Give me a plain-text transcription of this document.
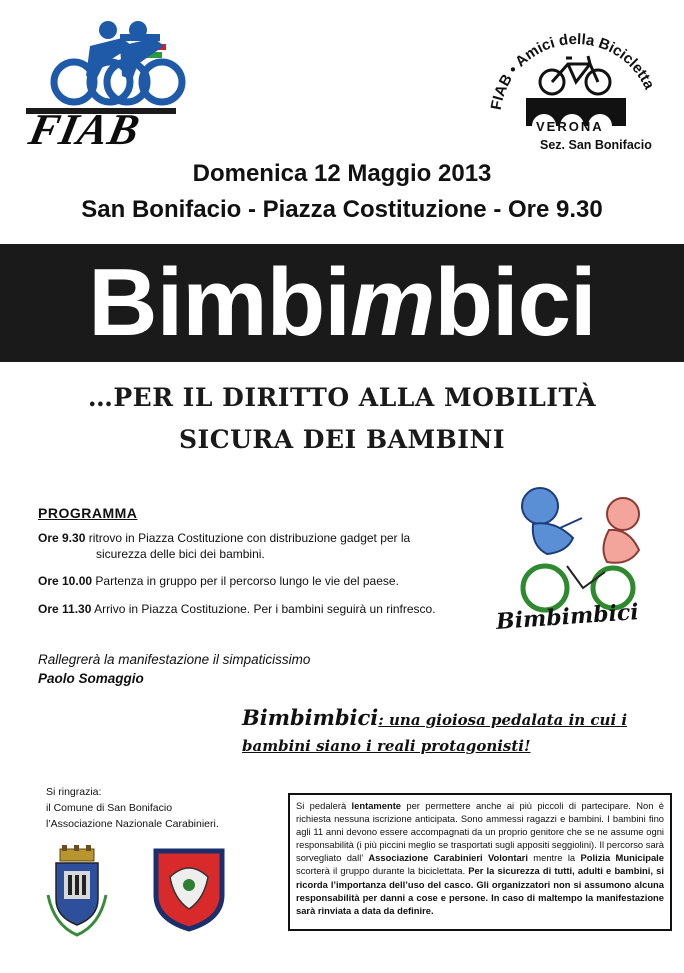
FIAB	FIAB • Amici della Bicicletta
VERONA
Sez. San Bonifacio
Domenica 12 Maggio 2013
San Bonifacio - Piazza Costituzione - Ore 9.30
Bimbimbici
…PER IL DIRITTO ALLA MOBILITÀ
SICURA DEI BAMBINI
PROGRAMMA
Ore 9.30 ritrovo in Piazza Costituzione con distribuzione gadget per la
sicurezza delle bici dei bambini.
Ore 10.00 Partenza in gruppo per il percorso lungo le vie del paese.
Ore 11.30 Arrivo in Piazza Costituzione. Per i bambini seguirà un rinfresco.	Bimbimbici
Rallegrerà la manifestazione il simpaticissimo
Paolo Somaggio
Bimbimbici: una gioiosa pedalata in cui i bambini siano i reali protagonisti!
Si ringrazia:
il Comune di San Bonifacio
l’Associazione Nazionale Carabinieri.
Si pedalerà lentamente per permettere anche ai più piccoli di partecipare. Non è richiesta nessuna iscrizione anticipata. Sono ammessi ragazzi e bambini. I bambini fino agli 11 anni devono essere accompagnati da un proprio genitore che se ne assume ogni responsabilità (i più piccini meglio se trasportati sugli appositi seggiolini). Il percorso sarà sorvegliato dall’ Associazione Carabinieri Volontari mentre la Polizia Municipale scorterà il gruppo durante la biciclettata. Per la sicurezza di tutti, adulti e bambini, si ricorda l’importanza dell’uso del casco. Gli organizzatori non si assumono alcuna responsabilità per danni a cose e persone. In caso di maltempo la manifestazione sarà rinviata a data da definire.
